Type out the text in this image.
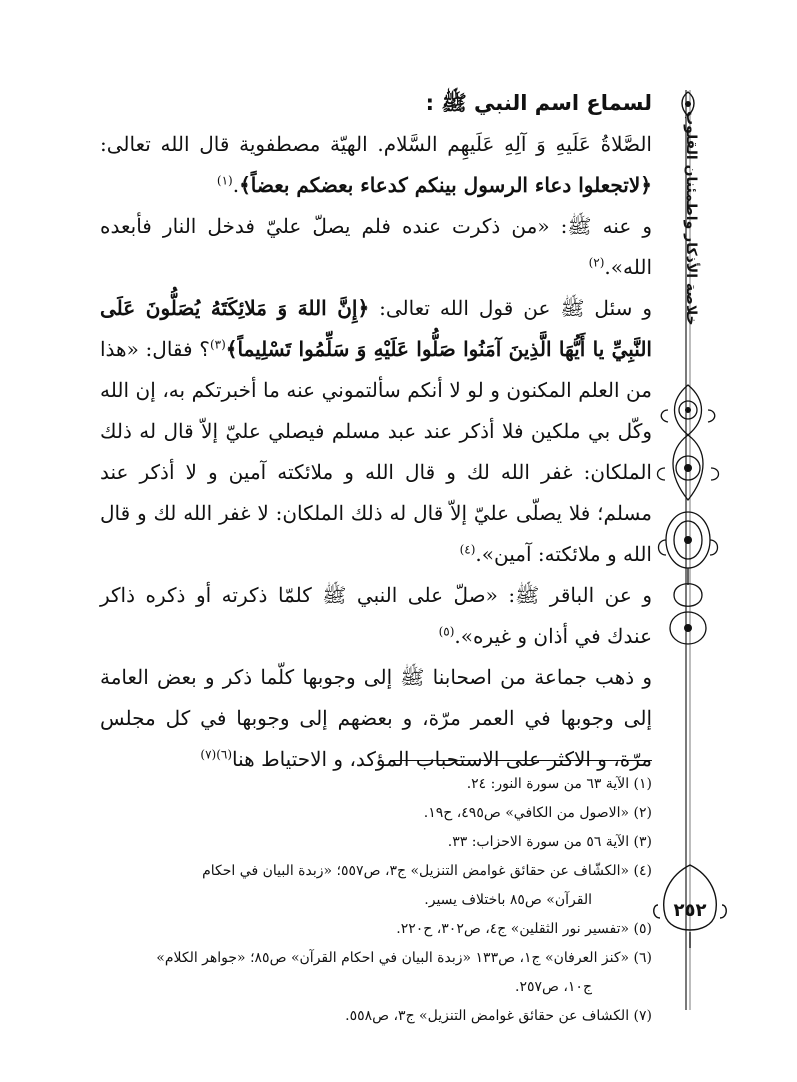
خلاصة الأذكار واطمئنان القلوب
٢٥٢
لسماع اسم النبي ﷺ :

الصَّلاةُ عَلَيهِ وَ آلِهِ عَلَيهِم السَّلام. الهيّة مصطفوية قال الله تعالى: ﴿لاتجعلوا دعاء الرسول بينكم كدعاء بعضكم بعضاً﴾.$^{(١)}$

و عنه ﷺ: «من ذكرت عنده فلم يصلّ عليّ فدخل النار فأبعده الله».$^{(٢)}$

و سئل ﷺ عن قول الله تعالى: ﴿إِنَّ اللهَ وَ مَلائِكَتَهُ يُصَلُّونَ عَلَى النَّبِيِّ يا أَيُّهَا الَّذِينَ آمَنُوا صَلُّوا عَلَيْهِ وَ سَلِّمُوا تَسْلِيماً﴾$^{(٣)}$؟ فقال: «هذا من العلم المكنون و لو لا أنكم سألتموني عنه ما أخبرتكم به، إن الله وكّل بي ملكين فلا أذكر عند عبد مسلم فيصلي عليّ إلاّ قال له ذلك الملكان: غفر الله لك و قال الله و ملائكته آمين و لا أذكر عند مسلم؛ فلا يصلّى عليّ إلاّ قال له ذلك الملكان: لا غفر الله لك و قال الله و ملائكته: آمين».$^{(٤)}$

و عن الباقر ﷺ: «صلّ على النبي ﷺ كلمّا ذكرته أو ذكره ذاكر عندك في أذان و غيره».$^{(٥)}$

و ذهب جماعة من اصحابنا ﷺ إلى وجوبها كلّما ذكر و بعض العامة إلى وجوبها في العمر مرّة، و بعضهم إلى وجوبها في كل مجلس مرّة، و الاكثر على الاستحباب المؤكد، و الاحتياط هنا$^{(٦)(٧)}$

(١) الآية ٦٣ من سورة النور: ٢٤.

(٢) «الاصول من الكافي» ص٤٩٥، ح١٩.

(٣) الآية ٥٦ من سورة الاحزاب: ٣٣.

(٤) «الكشّاف عن حقائق غوامض التنزيل» ج٣، ص٥٥٧؛ «زبدة البيان في احكام

القرآن» ص٨٥ باختلاف يسير.

(٥) «تفسير نور الثقلين» ج٤، ص٣٠٢، ح٢٢٠.

(٦) «كنز العرفان» ج١، ص١٣٣ «زبدة البيان في احكام القرآن» ص٨٥؛ «جواهر الكلام»

ج١٠، ص٢٥٧.

(٧) الكشاف عن حقائق غوامض التنزيل» ج٣، ص٥٥٨.
